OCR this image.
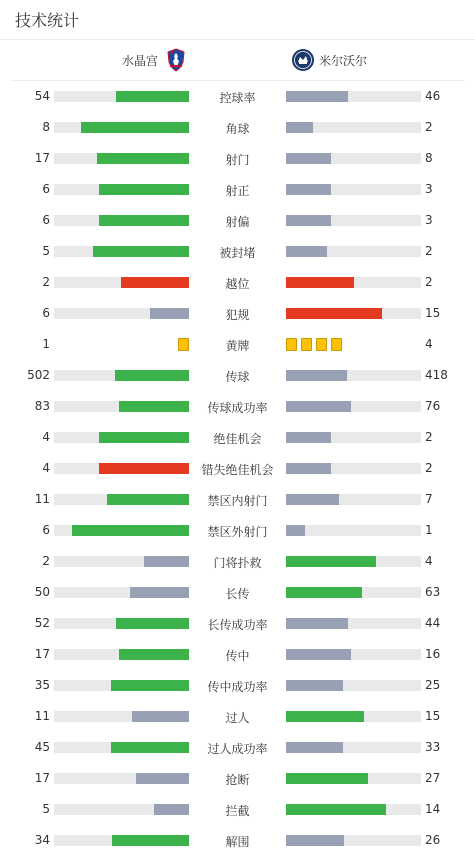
技术统计
水晶宫	米尔沃尔
54	控球率	46
8	角球	2
17	射门	8
6	射正	3
6	射偏	3
5	被封堵	2
2	越位	2
6	犯规	15
1	黄牌	4
502	传球	418
83	传球成功率	76
4	绝佳机会	2
4	错失绝佳机会	2
11	禁区内射门	7
6	禁区外射门	1
2	门将扑救	4
50	长传	63
52	长传成功率	44
17	传中	16
35	传中成功率	25
11	过人	15
45	过人成功率	33
17	抢断	27
5	拦截	14
34	解围	26
